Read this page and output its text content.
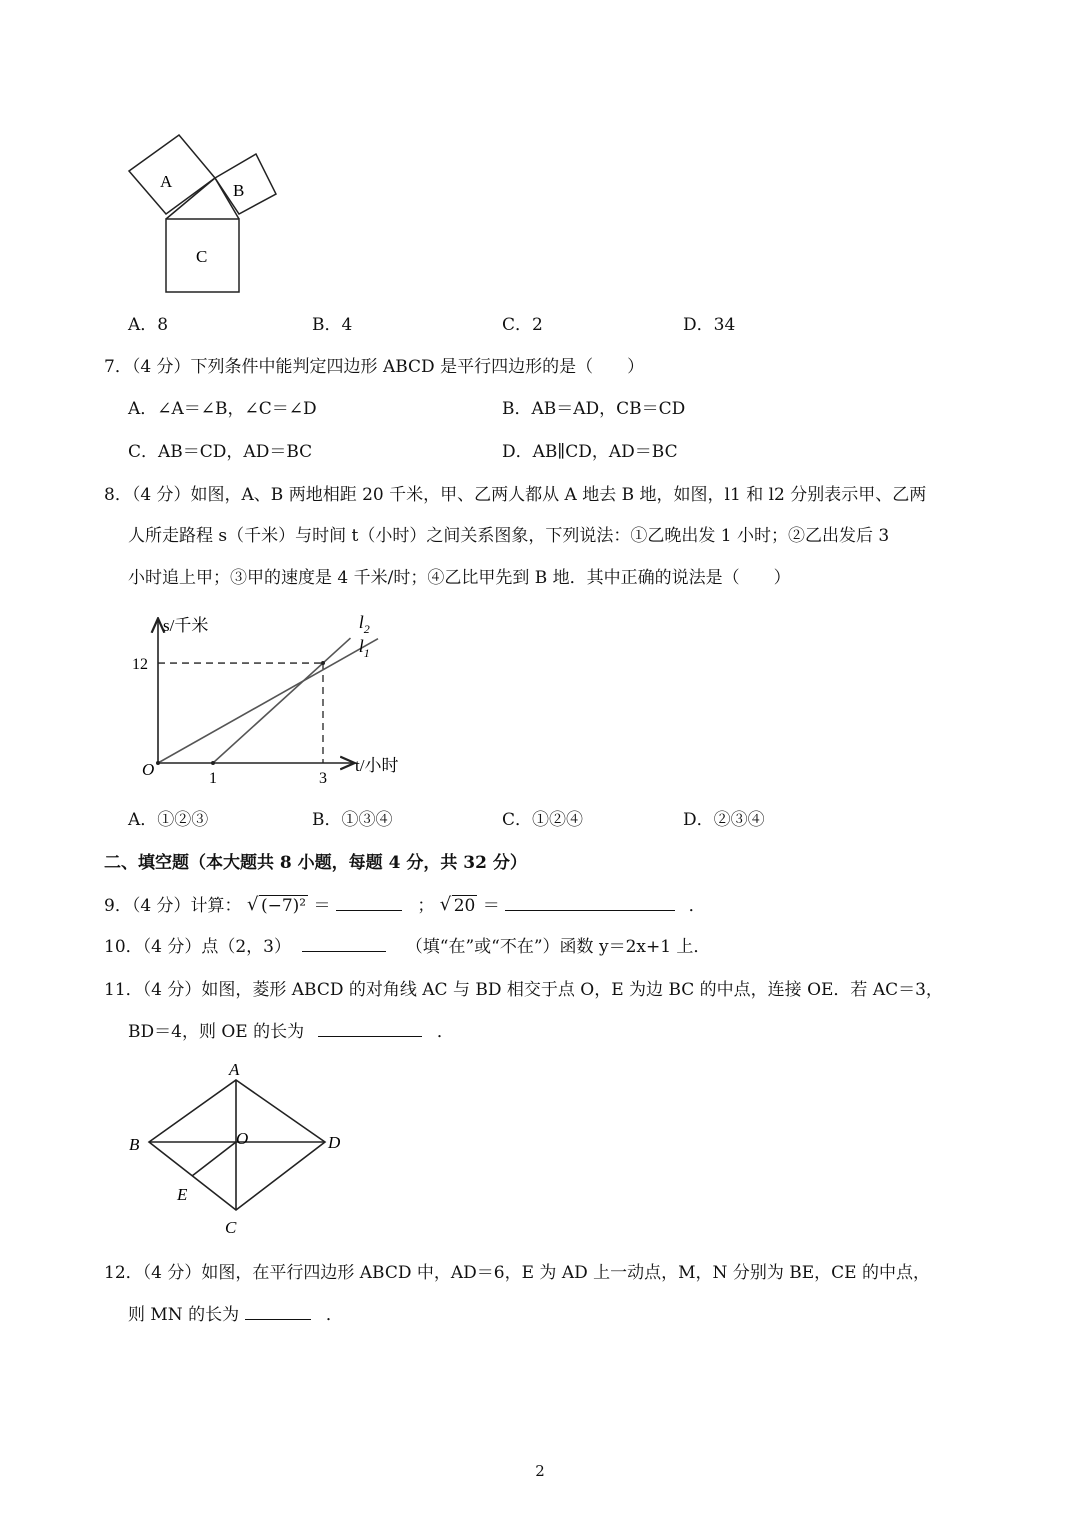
A	B
C
A．8	B．4	C．2	D．34
7．（4 分）下列条件中能判定四边形 ABCD 是平行四边形的是（　　）
A．∠A＝∠B，∠C＝∠D	B．AB＝AD，CB＝CD
C．AB＝CD，AD＝BC	D．AB∥CD，AD＝BC
8．（4 分）如图，A、B 两地相距 20 千米，甲、乙两人都从 A 地去 B 地，如图，l1 和 l2 分别表示甲、乙两
人所走路程 s（千米）与时间 t（小时）之间关系图象，下列说法：①乙晚出发 1 小时；②乙出发后 3
小时追上甲；③甲的速度是 4 千米/时；④乙比甲先到 B 地．其中正确的说法是（　　）
s/千米
t/小时
12
1	3
O
$l_1$
$l_2$
A．①②③	B．①③④	C．①②④	D．②③④
二、填空题（本大题共 8 小题，每题 4 分，共 32 分）
9．（4 分）计算： √ (−7)² ＝	； √ 20 ＝	．
10．（4 分）点（2，3）	（填“在”或“不在”）函数 y＝2x+1 上．
11．（4 分）如图，菱形 ABCD 的对角线 AC 与 BD 相交于点 O，E 为边 BC 的中点，连接 OE．若 AC＝3，
BD＝4，则 OE 的长为	．
A
B	D
C
O
E
12．（4 分）如图，在平行四边形 ABCD 中，AD＝6，E 为 AD 上一动点，M，N 分别为 BE，CE 的中点，
则 MN 的长为	．
2
